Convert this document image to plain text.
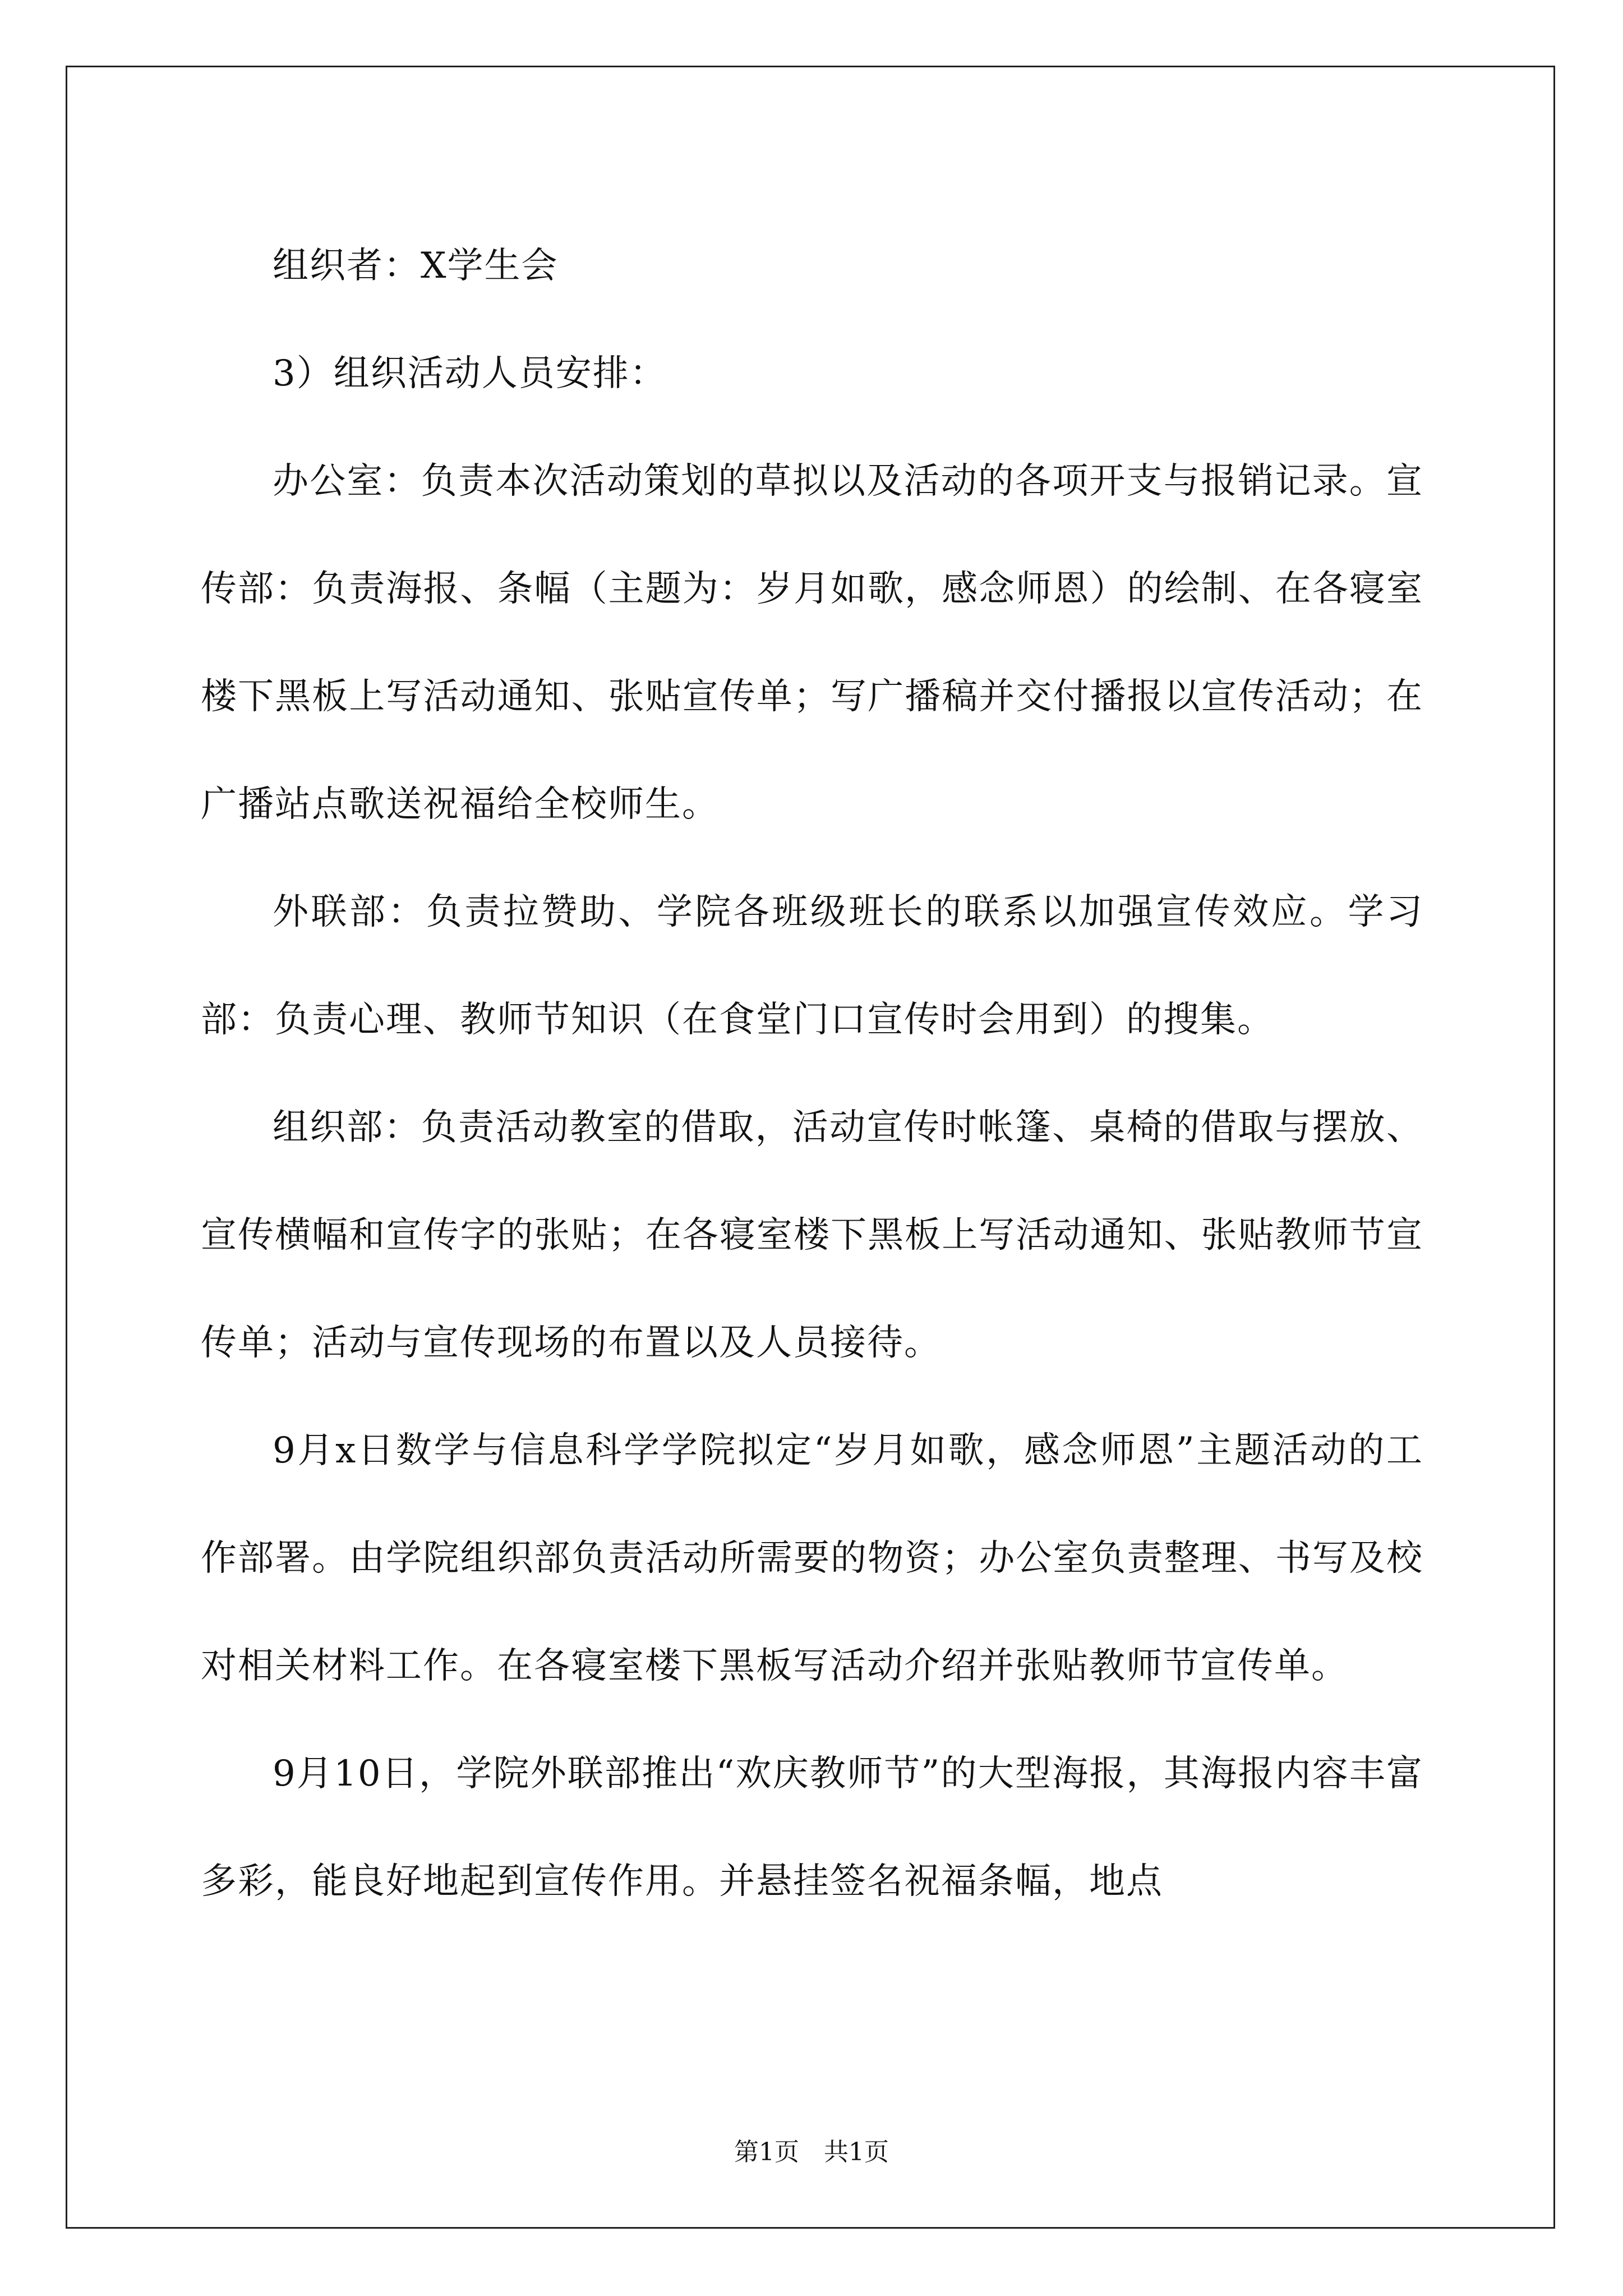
组织者：X学生会

3）组织活动人员安排：

办公室：负责本次活动策划的草拟以及活动的各项开支与报销记录。宣传部：负责海报、条幅（主题为：岁月如歌，感念师恩）的绘制、在各寝室楼下黑板上写活动通知、张贴宣传单；写广播稿并交付播报以宣传活动；在广播站点歌送祝福给全校师生。

外联部：负责拉赞助、学院各班级班长的联系以加强宣传效应。学习部：负责心理、教师节知识（在食堂门口宣传时会用到）的搜集。

组织部：负责活动教室的借取，活动宣传时帐篷、桌椅的借取与摆放、宣传横幅和宣传字的张贴；在各寝室楼下黑板上写活动通知、张贴教师节宣传单；活动与宣传现场的布置以及人员接待。

9月x日数学与信息科学学院拟定“岁月如歌，感念师恩”主题活动的工作部署。由学院组织部负责活动所需要的物资；办公室负责整理、书写及校对相关材料工作。在各寝室楼下黑板写活动介绍并张贴教师节宣传单。

9月10日，学院外联部推出“欢庆教师节”的大型海报，其海报内容丰富多彩，能良好地起到宣传作用。并悬挂签名祝福条幅，地点

第1页　共1页
